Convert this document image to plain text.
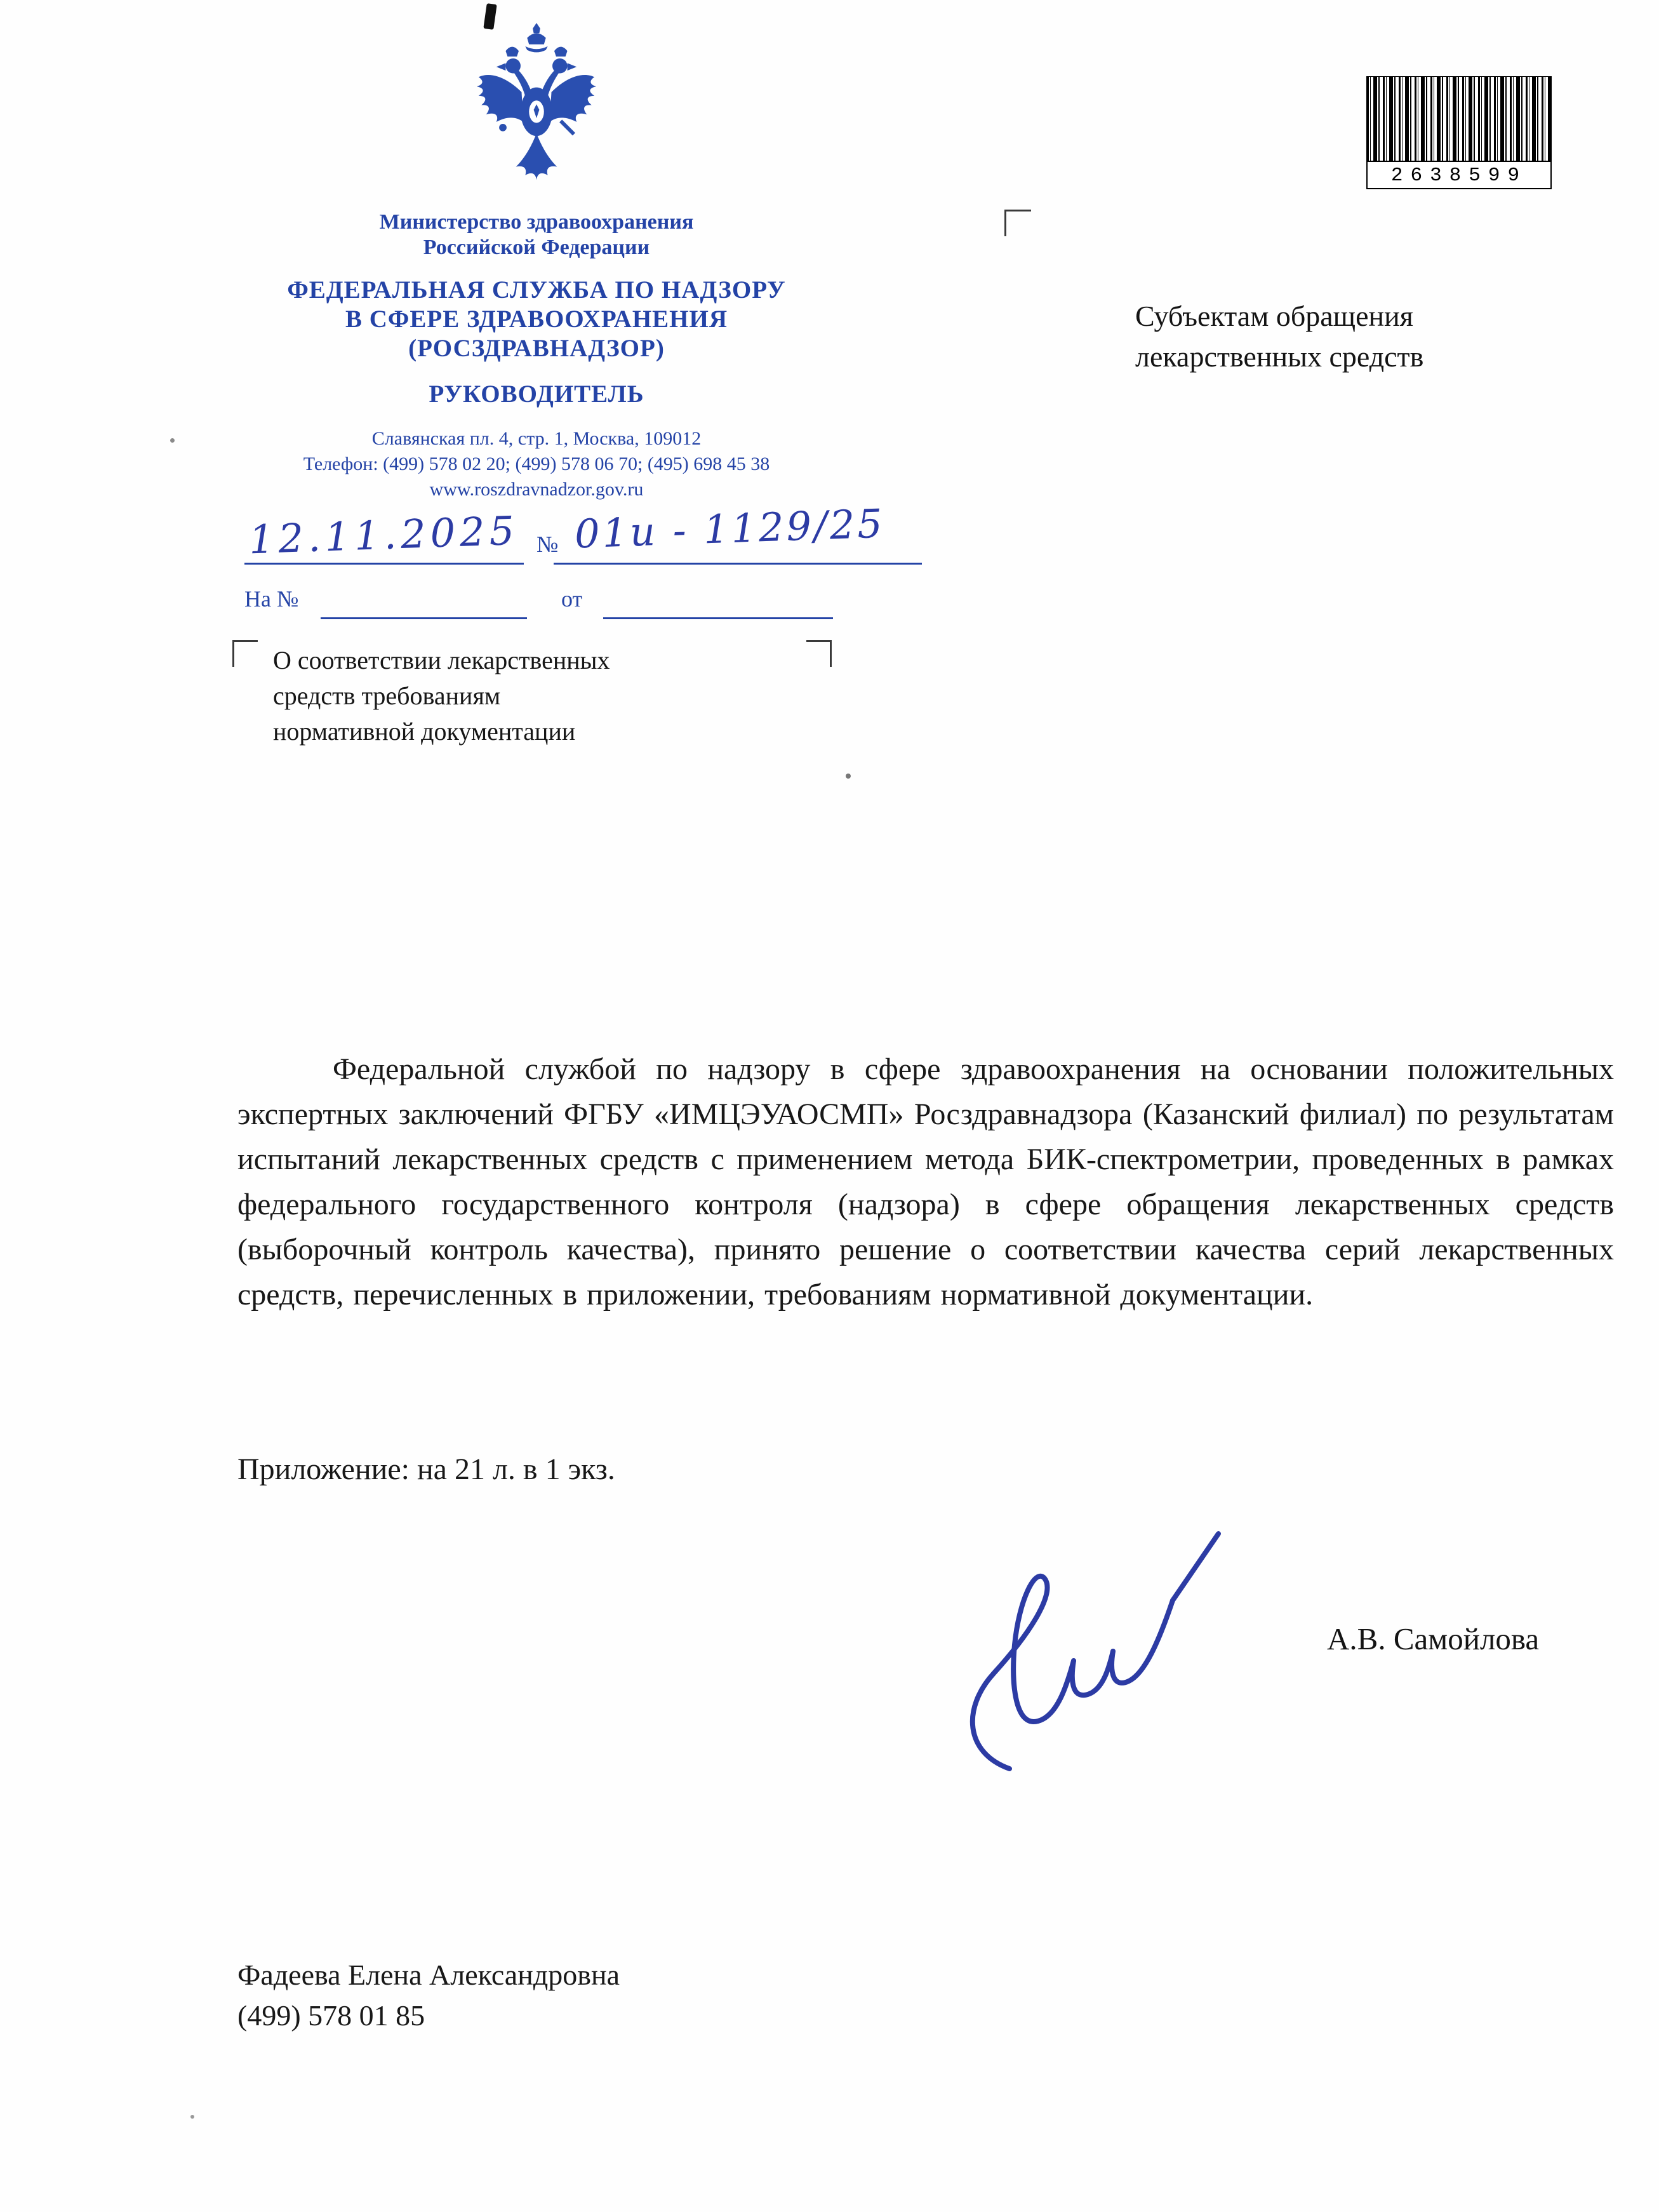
Министерство здравоохранения
Российской Федерации
ФЕДЕРАЛЬНАЯ СЛУЖБА ПО НАДЗОРУ
В СФЕРЕ ЗДРАВООХРАНЕНИЯ
(РОСЗДРАВНАДЗОР)
РУКОВОДИТЕЛЬ
Славянская пл. 4, стр. 1, Москва, 109012
Телефон: (499) 578 02 20; (499) 578 06 70; (495) 698 45 38
www.roszdravnadzor.gov.ru
2638599
Субъектам обращения
лекарственных средств
12.11.2025 № 01и - 1129/25
На №	от
О соответствии лекарственных
средств требованиям
нормативной документации

Федеральной службой по надзору в сфере здравоохранения на основании положительных экспертных заключений ФГБУ «ИМЦЭУАОСМП» Росздравнадзора (Казанский филиал) по результатам испытаний лекарственных средств с применением метода БИК-спектрометрии, проведенных в рамках федерального государственного контроля (надзора) в сфере обращения лекарственных средств (выборочный контроль качества), принято решение о соответствии качества серий лекарственных средств, перечисленных в приложении, требованиям нормативной документации.

Приложение: на 21 л. в 1 экз.
А.В. Самойлова
Фадеева Елена Александровна
(499) 578 01 85
